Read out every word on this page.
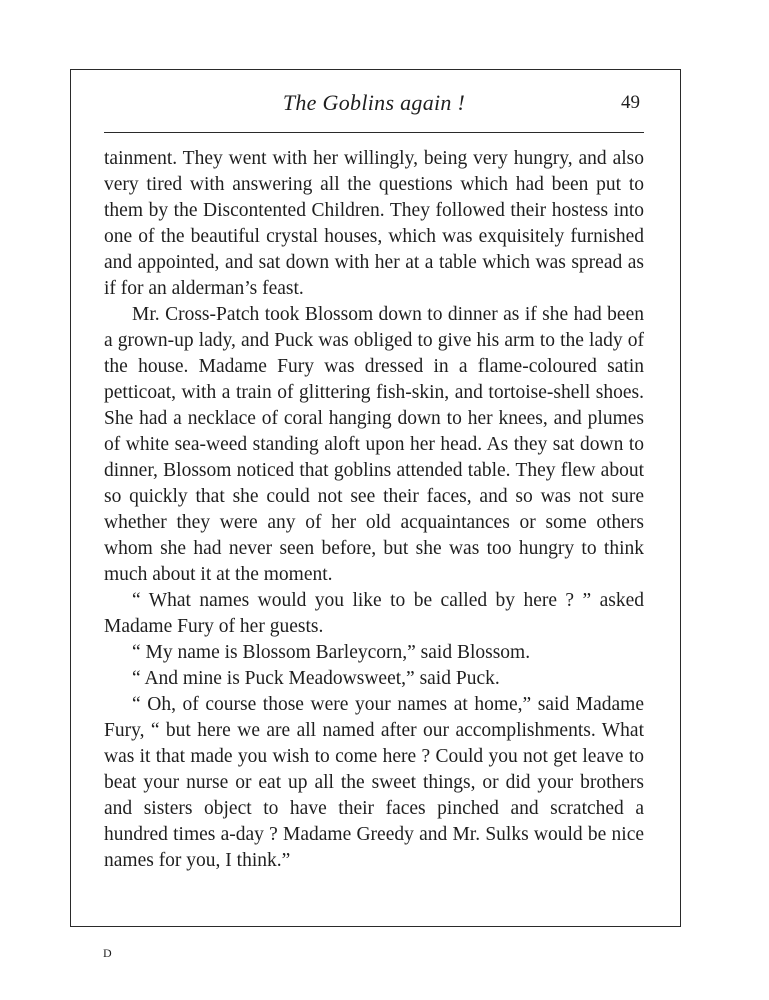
The Goblins again !	49

tainment. They went with her willingly, being very hungry, and also very tired with answering all the questions which had been put to them by the Discontented Children. They followed their hostess into one of the beautiful crystal houses, which was exquisitely furnished and appointed, and sat down with her at a table which was spread as if for an alderman’s feast.

Mr. Cross-Patch took Blossom down to dinner as if she had been a grown-up lady, and Puck was obliged to give his arm to the lady of the house. Madame Fury was dressed in a flame-coloured satin petticoat, with a train of glittering fish-skin, and tortoise-shell shoes. She had a necklace of coral hanging down to her knees, and plumes of white sea-weed standing aloft upon her head. As they sat down to dinner, Blossom noticed that goblins attended table. They flew about so quickly that she could not see their faces, and so was not sure whether they were any of her old acquaintances or some others whom she had never seen before, but she was too hungry to think much about it at the moment.

“ What names would you like to be called by here ? ” asked Madame Fury of her guests.

“ My name is Blossom Barleycorn,” said Blossom.

“ And mine is Puck Meadowsweet,” said Puck.

“ Oh, of course those were your names at home,” said Madame Fury, “ but here we are all named after our accomplishments. What was it that made you wish to come here ? Could you not get leave to beat your nurse or eat up all the sweet things, or did your brothers and sisters object to have their faces pinched and scratched a hundred times a-day ? Madame Greedy and Mr. Sulks would be nice names for you, I think.”

D
